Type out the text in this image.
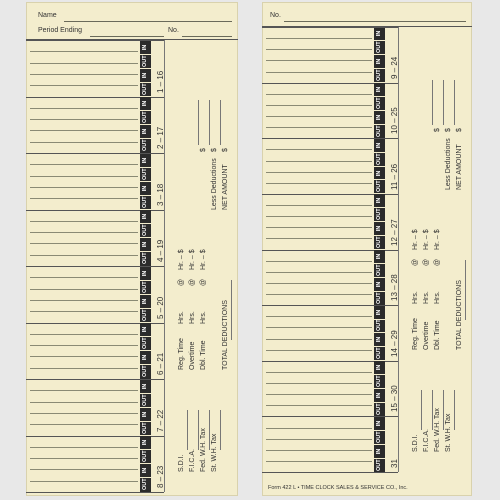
Name
Period Ending	No.
IN
OUT
IN
OUT	1 – 16
IN
OUT
IN
OUT	2 – 17
IN
OUT
IN
OUT	3 – 18
IN
OUT
IN
OUT	4 – 19
IN
OUT
IN
OUT	5 – 20
IN
OUT
IN
OUT	6 – 21
IN
OUT
IN
OUT	7 – 22
IN
OUT
IN
OUT	8 – 23
S.D.I. F.I.C.A. Fed. W.H. Tax St. W.H. Tax
Reg. Time Overtime Dbl. Time TOTAL DEDUCTIONS
Hrs.
@
Hr. – $
Hrs.
@
Hr. – $
Hrs.
@
Hr. – $
Less Deductions NET AMOUNT
$ $ $
No.
IN
OUT
IN
OUT	9 – 24
IN
OUT
IN
OUT	10 – 25
IN
OUT
IN
OUT	11 – 26
IN
OUT
IN
OUT	12 – 27
IN
OUT
IN
OUT	13 – 28
IN
OUT
IN
OUT	14 – 29
IN
OUT
IN
OUT	15 – 30
IN
OUT
IN
OUT	31
S.D.I. F.I.C.A. Fed. W.H. Tax St. W.H. Tax
Reg. Time Overtime Dbl. Time TOTAL DEDUCTIONS
Hrs.
@
Hr. – $
Hrs.
@
Hr. – $
Hrs.
@
Hr. – $
Less Deductions NET AMOUNT
$ $ $
Form 422 L • TIME CLOCK SALES & SERVICE CO., Inc.
